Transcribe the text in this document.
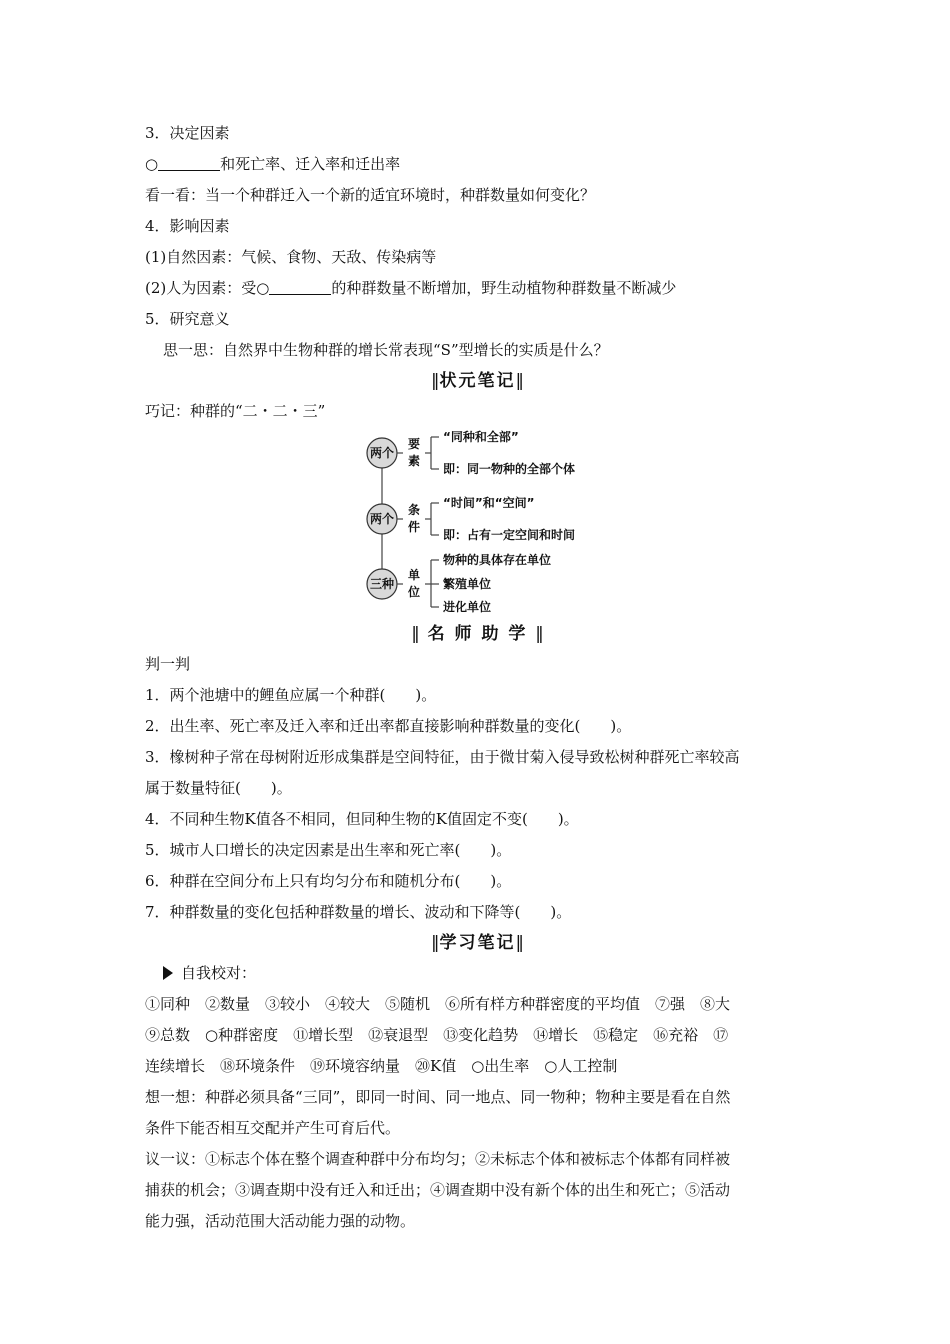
3．决定因素
○	和死亡率、迁入率和迁出率
看一看：当一个种群迁入一个新的适宜环境时，种群数量如何变化？
4．影响因素
(1)自然因素：气候、食物、天敌、传染病等
(2)人为因素：受○	的种群数量不断增加，野生动植物种群数量不断减少
5．研究意义
思一思：自然界中生物种群的增长常表现“S”型增长的实质是什么？
‖状元笔记‖
巧记：种群的“二・二・三”
两个
两个
三种
要
素
条
件
单
位
“同种和全部”
即：同一物种的全部个体
“时间”和“空间”
即：占有一定空间和时间
物种的具体存在单位
繁殖单位
进化单位
‖ 名 师 助 学 ‖
判一判
1．两个池塘中的鲤鱼应属一个种群( )。
2．出生率、死亡率及迁入率和迁出率都直接影响种群数量的变化( )。
3．橡树种子常在母树附近形成集群是空间特征，由于微甘菊入侵导致松树种群死亡率较高
属于数量特征( )。
4．不同种生物K值各不相同，但同种生物的K值固定不变( )。
5．城市人口增长的决定因素是出生率和死亡率( )。
6．种群在空间分布上只有均匀分布和随机分布( )。
7．种群数量的变化包括种群数量的增长、波动和下降等( )。
‖学习笔记‖
自我校对：
①同种　②数量　③较小　④较大　⑤随机　⑥所有样方种群密度的平均值　⑦强　⑧大
⑨总数　○种群密度　⑪增长型　⑫衰退型　⑬变化趋势　⑭增长　⑮稳定　⑯充裕　⑰
连续增长　⑱环境条件　⑲环境容纳量　⑳K值　○出生率　○人工控制
想一想：种群必须具备“三同”，即同一时间、同一地点、同一物种；物种主要是看在自然
条件下能否相互交配并产生可育后代。
议一议：①标志个体在整个调查种群中分布均匀；②未标志个体和被标志个体都有同样被
捕获的机会；③调查期中没有迁入和迁出；④调查期中没有新个体的出生和死亡；⑤活动
能力强，活动范围大活动能力强的动物。
